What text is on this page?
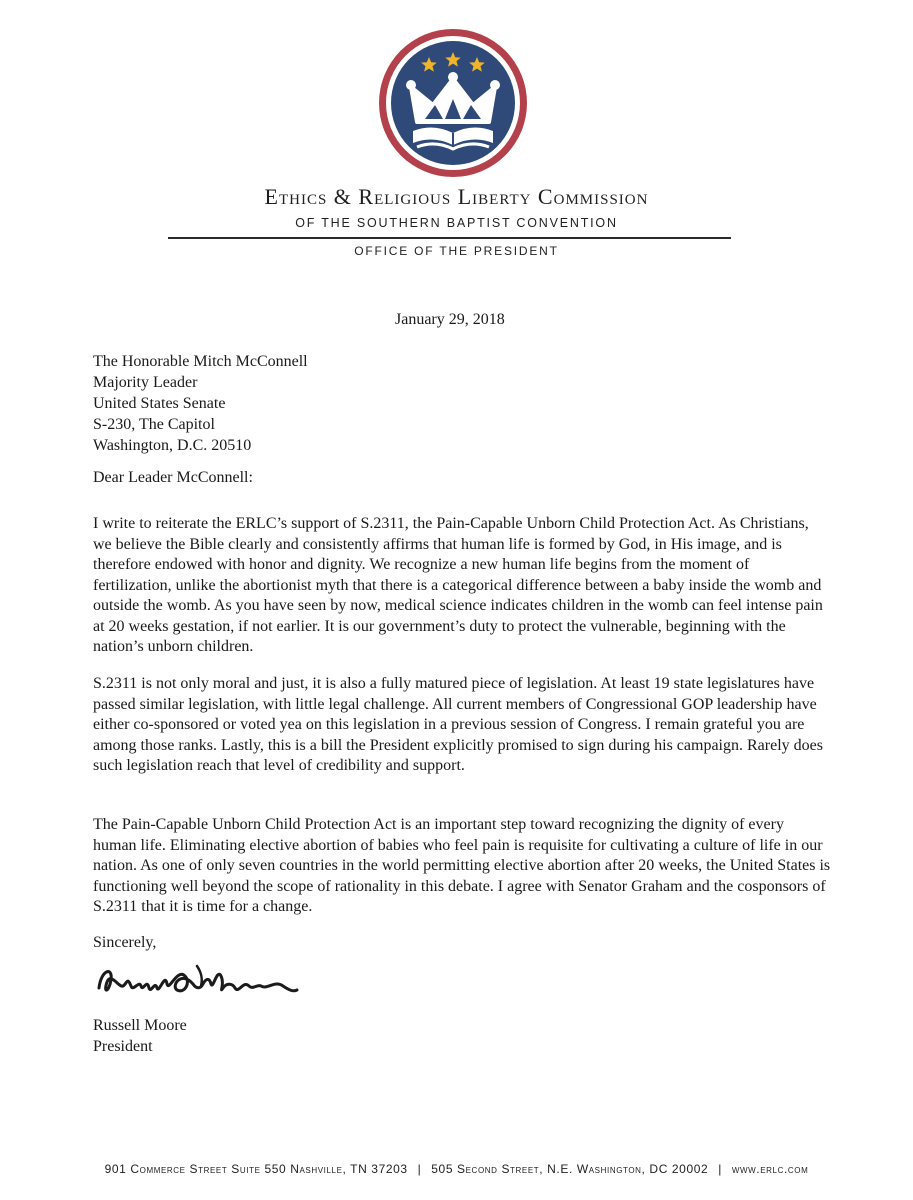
Ethics & Religious Liberty Commission
OF THE SOUTHERN BAPTIST CONVENTION
OFFICE OF THE PRESIDENT
January 29, 2018
The Honorable Mitch McConnell
Majority Leader
United States Senate
S-230, The Capitol
Washington, D.C. 20510
Dear Leader McConnell:

I write to reiterate the ERLC’s support of S.2311, the Pain-Capable Unborn Child Protection Act. As Christians, we believe the Bible clearly and consistently affirms that human life is formed by God, in His image, and is therefore endowed with honor and dignity. We recognize a new human life begins from the moment of fertilization, unlike the abortionist myth that there is a categorical difference between a baby inside the womb and outside the womb. As you have seen by now, medical science indicates children in the womb can feel intense pain at 20 weeks gestation, if not earlier. It is our government’s duty to protect the vulnerable, beginning with the nation’s unborn children.

S.2311 is not only moral and just, it is also a fully matured piece of legislation. At least 19 state legislatures have passed similar legislation, with little legal challenge. All current members of Congressional GOP leadership have either co-sponsored or voted yea on this legislation in a previous session of Congress. I remain grateful you are among those ranks. Lastly, this is a bill the President explicitly promised to sign during his campaign. Rarely does such legislation reach that level of credibility and support.

The Pain-Capable Unborn Child Protection Act is an important step toward recognizing the dignity of every human life. Eliminating elective abortion of babies who feel pain is requisite for cultivating a culture of life in our nation. As one of only seven countries in the world permitting elective abortion after 20 weeks, the United States is functioning well beyond the scope of rationality in this debate. I agree with Senator Graham and the cosponsors of S.2311 that it is time for a change.

Sincerely,
Russell Moore
President
901 Commerce Street Suite 550 Nashville, TN 37203 | 505 Second Street, N.E. Washington, DC 20002 | www.erlc.com
